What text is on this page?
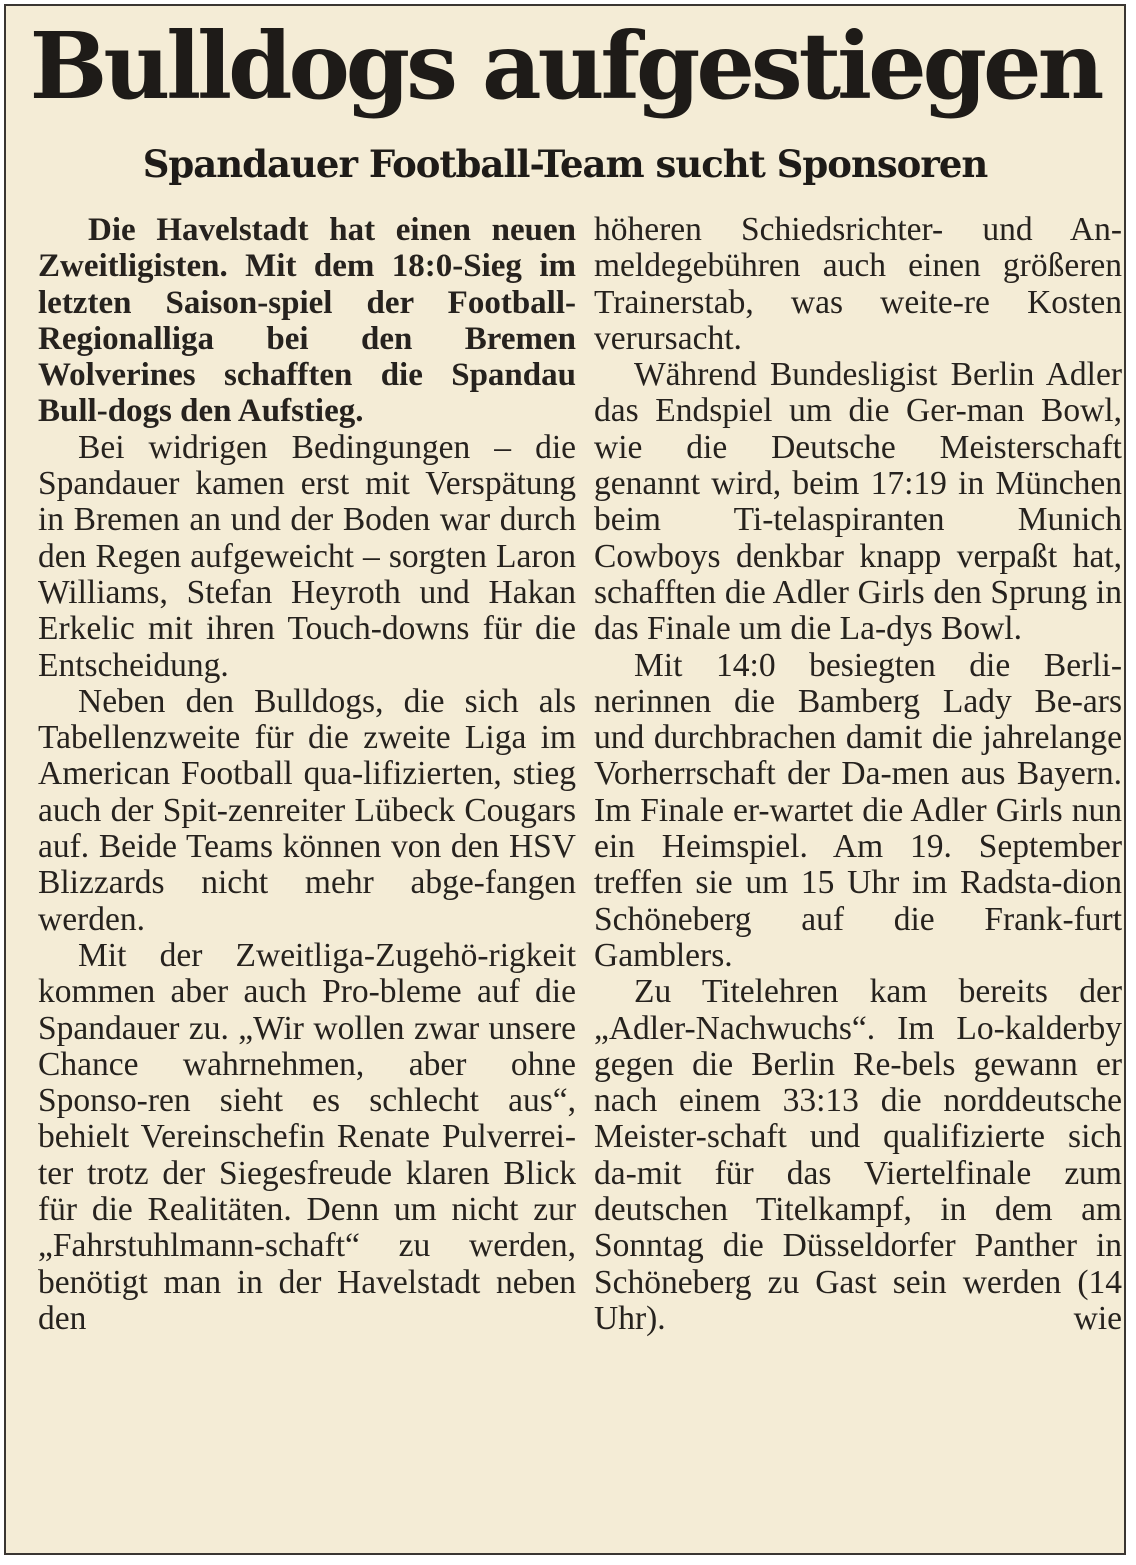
Bulldogs aufgestiegen
Spandauer Football-Team sucht Sponsoren

Die Havelstadt hat einen neuen Zweitligisten. Mit dem 18:0-Sieg im letzten Saison-spiel der Football-Regionalliga bei den Bremen Wolverines schafften die Spandau Bull-dogs den Aufstieg.

Bei widrigen Bedingungen – die Spandauer kamen erst mit Verspätung in Bremen an und der Boden war durch den Regen aufgeweicht – sorgten Laron Williams, Stefan Heyroth und Hakan Erkelic mit ihren Touch-downs für die Entscheidung.

Neben den Bulldogs, die sich als Tabellenzweite für die zweite Liga im American Football qua-lifizierten, stieg auch der Spit-zenreiter Lübeck Cougars auf. Beide Teams können von den HSV Blizzards nicht mehr abge-fangen werden.

Mit der Zweitliga-Zugehö-rigkeit kommen aber auch Pro-bleme auf die Spandauer zu. „Wir wollen zwar unsere Chance wahrnehmen, aber ohne Sponso-ren sieht es schlecht aus“, behielt Vereinschefin Renate Pulverrei-ter trotz der Siegesfreude klaren Blick für die Realitäten. Denn um nicht zur „Fahrstuhlmann-schaft“ zu werden, benötigt man in der Havelstadt neben den

höheren Schiedsrichter- und An-meldegebühren auch einen größeren Trainerstab, was weite-re Kosten verursacht.

Während Bundesligist Berlin Adler das Endspiel um die Ger-man Bowl, wie die Deutsche Meisterschaft genannt wird, beim 17:19 in München beim Ti-telaspiranten Munich Cowboys denkbar knapp verpaßt hat, schafften die Adler Girls den Sprung in das Finale um die La-dys Bowl.

Mit 14:0 besiegten die Berli-nerinnen die Bamberg Lady Be-ars und durchbrachen damit die jahrelange Vorherrschaft der Da-men aus Bayern. Im Finale er-wartet die Adler Girls nun ein Heimspiel. Am 19. September treffen sie um 15 Uhr im Radsta-dion Schöneberg auf die Frank-furt Gamblers.

Zu Titelehren kam bereits der „Adler-Nachwuchs“. Im Lo-kalderby gegen die Berlin Re-bels gewann er nach einem 33:13 die norddeutsche Meister-schaft und qualifizierte sich da-mit für das Viertelfinale zum deutschen Titelkampf, in dem am Sonntag die Düsseldorfer Panther in Schöneberg zu Gast sein werden (14 Uhr). wie
